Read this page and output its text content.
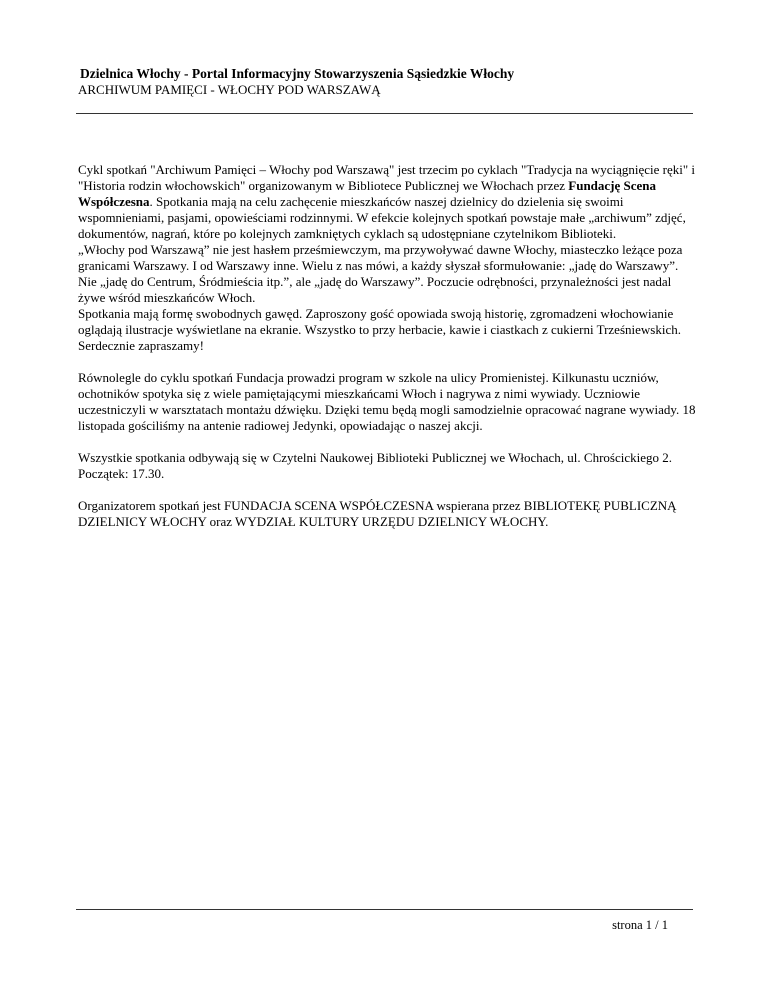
Dzielnica Włochy - Portal Informacyjny Stowarzyszenia Sąsiedzkie Włochy

ARCHIWUM PAMIĘCI - WŁOCHY POD WARSZAWĄ

Cykl spotkań "Archiwum Pamięci – Włochy pod Warszawą" jest trzecim po cyklach "Tradycja na wyciągnięcie ręki" i "Historia rodzin włochowskich" organizowanym w Bibliotece Publicznej we Włochach przez Fundację Scena Współczesna. Spotkania mają na celu zachęcenie mieszkańców naszej dzielnicy do dzielenia się swoimi wspomnieniami, pasjami, opowieściami rodzinnymi. W efekcie kolejnych spotkań powstaje małe „archiwum” zdjęć, dokumentów, nagrań, które po kolejnych zamkniętych cyklach są udostępniane czytelnikom Biblioteki.

„Włochy pod Warszawą” nie jest hasłem prześmiewczym, ma przywoływać dawne Włochy, miasteczko leżące poza granicami Warszawy. I od Warszawy inne. Wielu z nas mówi, a każdy słyszał sformułowanie: „jadę do Warszawy”. Nie „jadę do Centrum, Śródmieścia itp.”, ale „jadę do Warszawy”. Poczucie odrębności, przynależności jest nadal żywe wśród mieszkańców Włoch.

Spotkania mają formę swobodnych gawęd. Zaproszony gość opowiada swoją historię, zgromadzeni włochowianie oglądają ilustracje wyświetlane na ekranie. Wszystko to przy herbacie, kawie i ciastkach z cukierni Trześniewskich. Serdecznie zapraszamy!

Równolegle do cyklu spotkań Fundacja prowadzi program w szkole na ulicy Promienistej. Kilkunastu uczniów, ochotników spotyka się z wiele pamiętającymi mieszkańcami Włoch i nagrywa z nimi wywiady. Uczniowie uczestniczyli w warsztatach montażu dźwięku. Dzięki temu będą mogli samodzielnie opracować nagrane wywiady. 18 listopada gościliśmy na antenie radiowej Jedynki, opowiadając o naszej akcji.

Wszystkie spotkania odbywają się w Czytelni Naukowej Biblioteki Publicznej we Włochach, ul. Chrościckiego 2. Początek: 17.30.

Organizatorem spotkań jest FUNDACJA SCENA WSPÓŁCZESNA wspierana przez BIBLIOTEKĘ PUBLICZNĄ DZIELNICY WŁOCHY oraz WYDZIAŁ KULTURY URZĘDU DZIELNICY WŁOCHY.

strona 1 / 1
